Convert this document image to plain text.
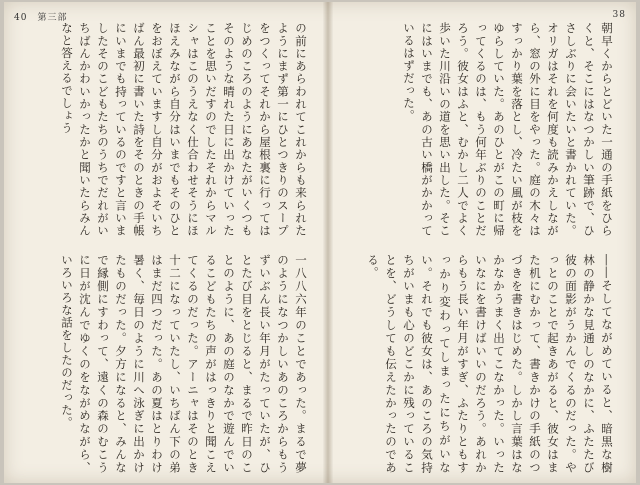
40　第三部
の前にあらわれてこれからも来られたようにまず第一にひとつきりのスープをつくってそれから屋根裏に行ってはじめのころのようにあなたがいくつもそのような晴れた日に出かけていったことを思いだすのでしたそれからマルシャはこのうえなく仕合わせそうにほほえみながら自分はいまでもそのひとをおぼえていますし自分がおよそいちばん最初に書いた詩をそのときの手帳にいまでも持っているのですと言いましたそのこどもたちのうちでだれがいちばんかわいかったかと聞いたらみんなと答えるでしょう
一八八六年のことであった。まるで夢のようになつかしいあのころからもうずいぶん長い年月がたっていたが、ひとたび目をとじると、まるで昨日のことのように、あの庭のなかで遊んでいるこどもたちの声がはっきりと聞こえてくるのだった。アーニャはそのとき十二になっていたし、いちばん下の弟はまだ四つだった。あの夏はとりわけ暑く、毎日のように川へ泳ぎに出かけたものだった。夕方になると、みんなで縁側にすわって、遠くの森のむこうに日が沈んでゆくのをながめながら、いろいろな話をしたのだった。
38
朝早くからとどいた一通の手紙をひらくと、そこにはなつかしい筆跡で、ひさしぶりに会いたいと書かれていた。オリガはそれを何度も読みかえしながら、窓の外に目をやった。庭の木々はすっかり葉を落とし、冷たい風が枝をゆらしていた。あのひとがこの町に帰ってくるのは、もう何年ぶりのことだろう。彼女はふと、むかし二人でよく歩いた川沿いの道を思い出した。そこにはいまでも、あの古い橋がかかっているはずだった。
――そしてながめていると、暗黒な樹林の静かな見通しのなかに、ふたたび彼の面影がうかんでくるのだった。やっとのことで起きあがると、彼女はまた机にむかって、書きかけの手紙のつづきを書きはじめた。しかし言葉はなかなかうまく出てこなかった。いったいなにを書けばいいのだろう。あれからもう長い年月がすぎ、ふたりともすっかり変わってしまったにちがいない。それでも彼女は、あのころの気持ちがいまも心のどこかに残っていることを、どうしても伝えたかったのである。
